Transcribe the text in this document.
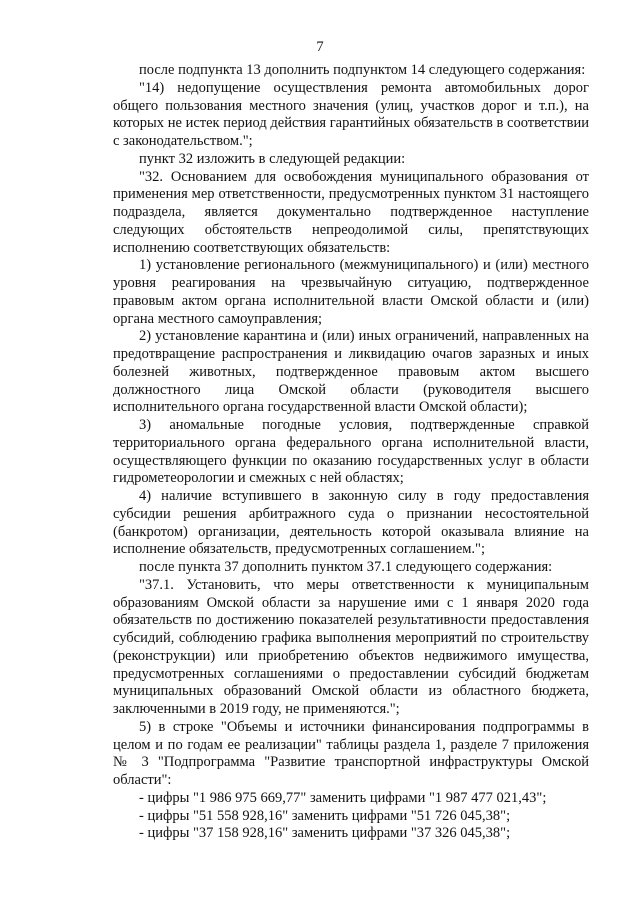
7

после подпункта 13 дополнить подпунктом 14 следующего содержания:

"14) недопущение осуществления ремонта автомобильных дорог общего пользования местного значения (улиц, участков дорог и т.п.), на которых не истек период действия гарантийных обязательств в соответствии с законодательством.";

пункт 32 изложить в следующей редакции:

"32. Основанием для освобождения муниципального образования от применения мер ответственности, предусмотренных пунктом 31 настоящего подраздела, является документально подтвержденное наступление следующих обстоятельств непреодолимой силы, препятствующих исполнению соответствующих обязательств:

1) установление регионального (межмуниципального) и (или) местного уровня реагирования на чрезвычайную ситуацию, подтвержденное правовым актом органа исполнительной власти Омской области и (или) органа местного самоуправления;

2) установление карантина и (или) иных ограничений, направленных на предотвращение распространения и ликвидацию очагов заразных и иных болезней животных, подтвержденное правовым актом высшего должностного лица Омской области (руководителя высшего исполнительного органа государственной власти Омской области);

3) аномальные погодные условия, подтвержденные справкой территориального органа федерального органа исполнительной власти, осуществляющего функции по оказанию государственных услуг в области гидрометеорологии и смежных с ней областях;

4) наличие вступившего в законную силу в году предоставления субсидии решения арбитражного суда о признании несостоятельной (банкротом) организации, деятельность которой оказывала влияние на исполнение обязательств, предусмотренных соглашением.";

после пункта 37 дополнить пунктом 37.1 следующего содержания:

"37.1. Установить, что меры ответственности к муниципальным образованиям Омской области за нарушение ими с 1 января 2020 года обязательств по достижению показателей результативности предоставления субсидий, соблюдению графика выполнения мероприятий по строительству (реконструкции) или приобретению объектов недвижимого имущества, предусмотренных соглашениями о предоставлении субсидий бюджетам муниципальных образований Омской области из областного бюджета, заключенными в 2019 году, не применяются.";

5) в строке "Объемы и источники финансирования подпрограммы в целом и по годам ее реализации" таблицы раздела 1, разделе 7 приложения № 3 "Подпрограмма "Развитие транспортной инфраструктуры Омской области":

- цифры "1 986 975 669,77" заменить цифрами "1 987 477 021,43";

- цифры "51 558 928,16" заменить цифрами "51 726 045,38";

- цифры "37 158 928,16" заменить цифрами "37 326 045,38";
